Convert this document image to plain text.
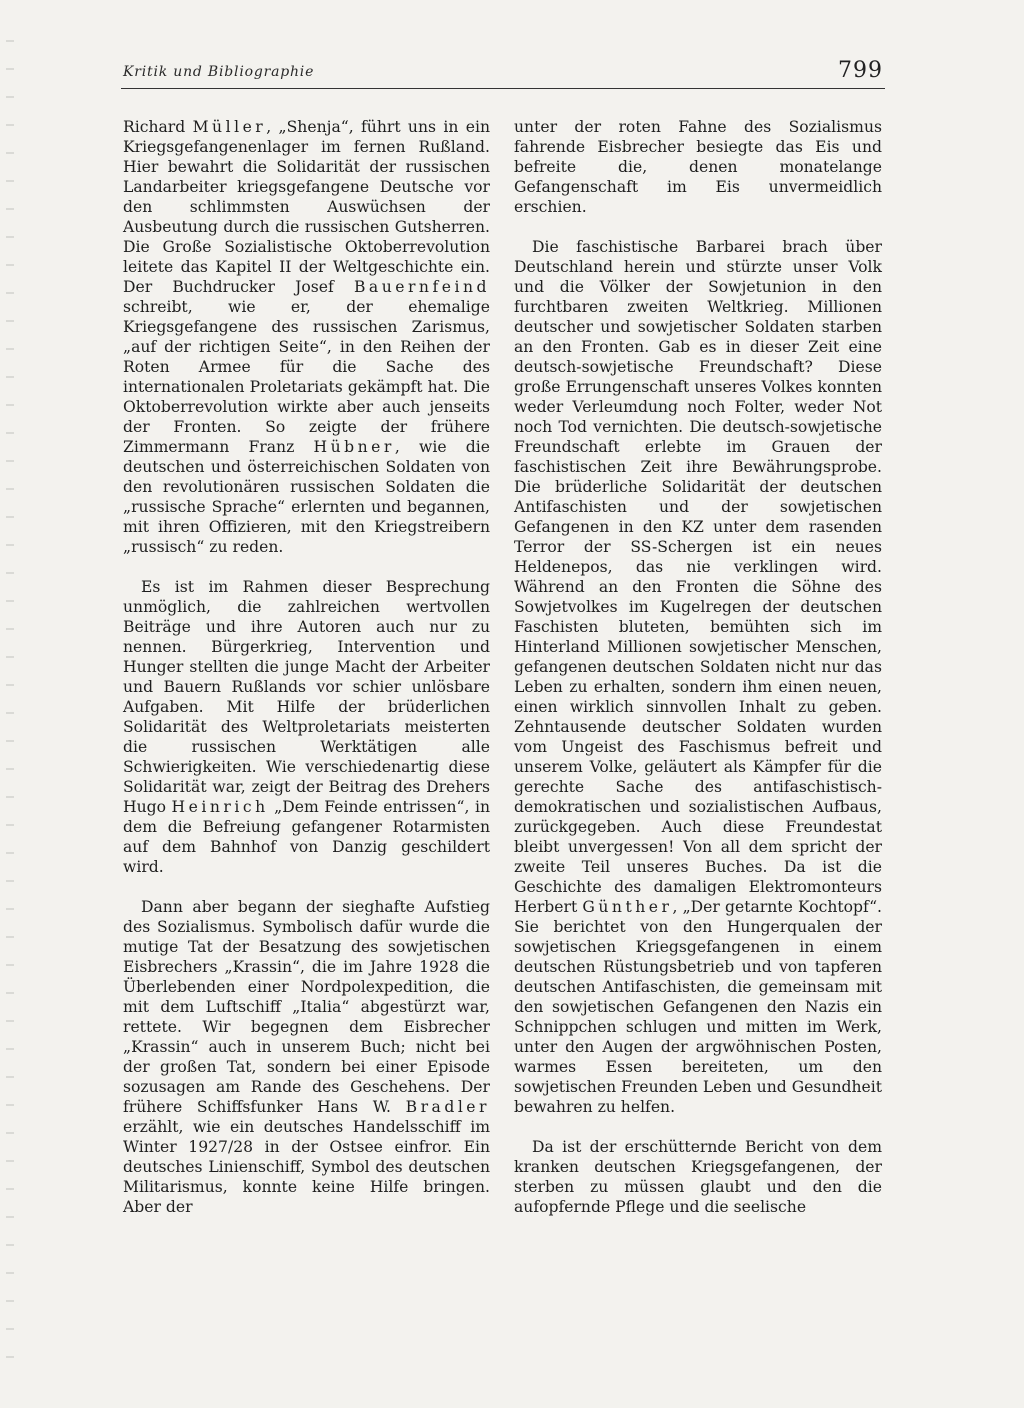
Kritik und Bibliographie	799

Richard Müller, „Shenja“, führt uns in ein Kriegsgefangenenlager im fernen Rußland. Hier bewahrt die Solidarität der russischen Landarbeiter kriegsgefangene Deutsche vor den schlimmsten Auswüchsen der Ausbeutung durch die russischen Gutsherren. Die Große Sozialistische Oktoberrevolution leitete das Kapitel II der Weltgeschichte ein. Der Buchdrucker Josef Bauernfeind schreibt, wie er, der ehemalige Kriegsgefangene des russischen Zarismus, „auf der richtigen Seite“, in den Reihen der Roten Armee für die Sache des internationalen Proletariats gekämpft hat. Die Oktoberrevolution wirkte aber auch jenseits der Fronten. So zeigte der frühere Zimmermann Franz Hübner, wie die deutschen und österreichischen Soldaten von den revolutionären russischen Soldaten die „russische Sprache“ erlernten und begannen, mit ihren Offizieren, mit den Kriegstreibern „russisch“ zu reden.

Es ist im Rahmen dieser Besprechung unmöglich, die zahlreichen wertvollen Beiträge und ihre Autoren auch nur zu nennen. Bürgerkrieg, Intervention und Hunger stellten die junge Macht der Arbeiter und Bauern Rußlands vor schier unlösbare Aufgaben. Mit Hilfe der brüderlichen Solidarität des Weltproletariats meisterten die russischen Werktätigen alle Schwierigkeiten. Wie verschiedenartig diese Solidarität war, zeigt der Beitrag des Drehers Hugo Heinrich „Dem Feinde entrissen“, in dem die Befreiung gefangener Rotarmisten auf dem Bahnhof von Danzig geschildert wird.

Dann aber begann der sieghafte Aufstieg des Sozialismus. Symbolisch dafür wurde die mutige Tat der Besatzung des sowjetischen Eisbrechers „Krassin“, die im Jahre 1928 die Überlebenden einer Nordpolexpedition, die mit dem Luftschiff „Italia“ abgestürzt war, rettete. Wir begegnen dem Eisbrecher „Krassin“ auch in unserem Buch; nicht bei der großen Tat, sondern bei einer Episode sozusagen am Rande des Geschehens. Der frühere Schiffsfunker Hans W. Bradler erzählt, wie ein deutsches Handelsschiff im Winter 1927/28 in der Ostsee einfror. Ein deutsches Linienschiff, Symbol des deutschen Militarismus, konnte keine Hilfe bringen. Aber der

unter der roten Fahne des Sozialismus fahrende Eisbrecher besiegte das Eis und befreite die, denen monatelange Gefangenschaft im Eis unvermeidlich erschien.

Die faschistische Barbarei brach über Deutschland herein und stürzte unser Volk und die Völker der Sowjetunion in den furchtbaren zweiten Weltkrieg. Millionen deutscher und sowjetischer Soldaten starben an den Fronten. Gab es in dieser Zeit eine deutsch-sowjetische Freundschaft? Diese große Errungenschaft unseres Volkes konnten weder Verleumdung noch Folter, weder Not noch Tod vernichten. Die deutsch-sowjetische Freundschaft erlebte im Grauen der faschistischen Zeit ihre Bewährungsprobe. Die brüderliche Solidarität der deutschen Antifaschisten und der sowjetischen Gefangenen in den KZ unter dem rasenden Terror der SS-Schergen ist ein neues Heldenepos, das nie verklingen wird. Während an den Fronten die Söhne des Sowjetvolkes im Kugelregen der deutschen Faschisten bluteten, bemühten sich im Hinterland Millionen sowjetischer Menschen, gefangenen deutschen Soldaten nicht nur das Leben zu erhalten, sondern ihm einen neuen, einen wirklich sinnvollen Inhalt zu geben. Zehntausende deutscher Soldaten wurden vom Ungeist des Faschismus befreit und unserem Volke, geläutert als Kämpfer für die gerechte Sache des antifaschistisch-demokratischen und sozialistischen Aufbaus, zurückgegeben. Auch diese Freundestat bleibt unvergessen! Von all dem spricht der zweite Teil unseres Buches. Da ist die Geschichte des damaligen Elektromonteurs Herbert Günther, „Der getarnte Kochtopf“. Sie berichtet von den Hungerqualen der sowjetischen Kriegsgefangenen in einem deutschen Rüstungsbetrieb und von tapferen deutschen Antifaschisten, die gemeinsam mit den sowjetischen Gefangenen den Nazis ein Schnippchen schlugen und mitten im Werk, unter den Augen der argwöhnischen Posten, warmes Essen bereiteten, um den sowjetischen Freunden Leben und Gesundheit bewahren zu helfen.

Da ist der erschütternde Bericht von dem kranken deutschen Kriegsgefangenen, der sterben zu müssen glaubt und den die aufopfernde Pflege und die seelische
